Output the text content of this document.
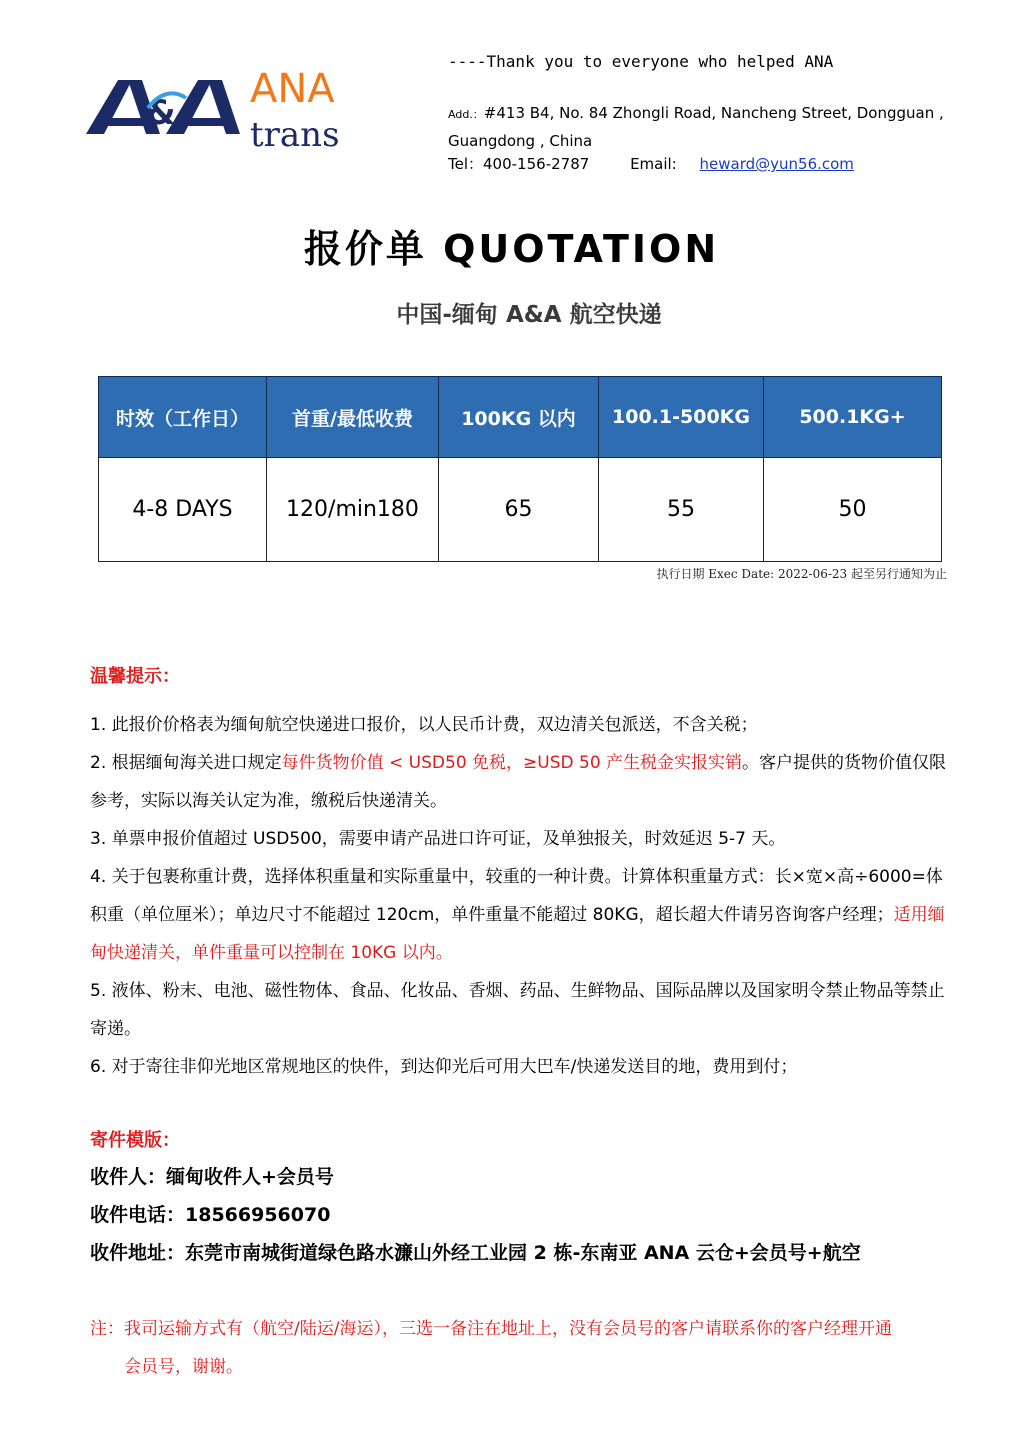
&
ANA
trans
----Thank you to everyone who helped ANA
Add.：#413 B4, No. 84 Zhongli Road, Nancheng Street, Dongguan ,
Guangdong , China
Tel：400-156-2787	Email: heward@yun56.com
报价单 QUOTATION
中国-缅甸 A&A 航空快递
时效（工作日）	首重/最低收费	100KG 以内	100.1-500KG	500.1KG+
4-8 DAYS	120/min180	65	55	50
执行日期 Exec Date: 2022-06-23 起至另行通知为止
温馨提示：

1. 此报价价格表为缅甸航空快递进口报价，以人民币计费，双边清关包派送，不含关税；

2. 根据缅甸海关进口规定每件货物价值 < USD50 免税，≥USD 50 产生税金实报实销。客户提供的货物价值仅限参考，实际以海关认定为准，缴税后快递清关。

3. 单票申报价值超过 USD500，需要申请产品进口许可证，及单独报关，时效延迟 5-7 天。

4. 关于包裹称重计费，选择体积重量和实际重量中，较重的一种计费。计算体积重量方式：长×宽×高÷6000=体积重（单位厘米）；单边尺寸不能超过 120cm，单件重量不能超过 80KG，超长超大件请另咨询客户经理；适用缅甸快递清关，单件重量可以控制在 10KG 以内。

5. 液体、粉末、电池、磁性物体、食品、化妆品、香烟、药品、生鲜物品、国际品牌以及国家明令禁止物品等禁止寄递。

6. 对于寄往非仰光地区常规地区的快件，到达仰光后可用大巴车/快递发送目的地，费用到付；

寄件模版：
收件人：缅甸收件人+会员号
收件电话：18566956070
收件地址：东莞市南城街道绿色路水濂山外经工业园 2 栋-东南亚 ANA 云仓+会员号+航空
注：我司运输方式有（航空/陆运/海运），三选一备注在地址上，没有会员号的客户请联系你的客户经理开通
会员号，谢谢。
